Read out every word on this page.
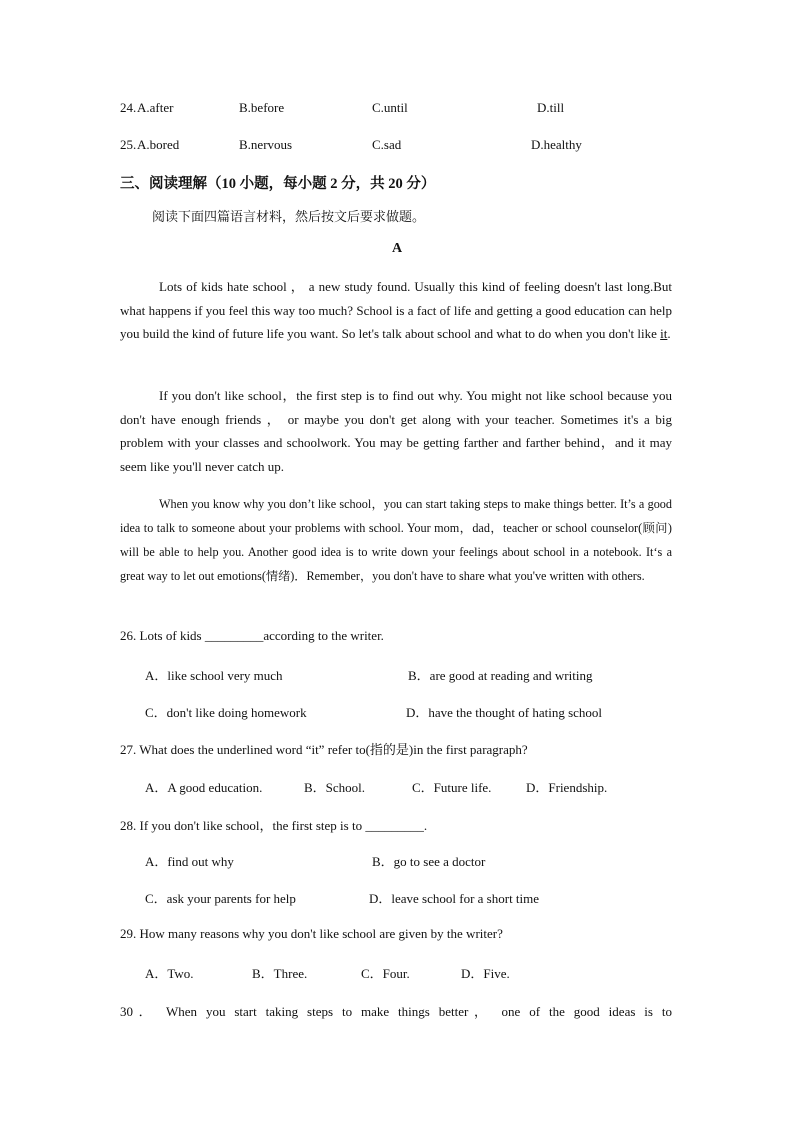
24. A.after	B.before	C.until	D.till
25. A.bored	B.nervous	C.sad	D.healthy
三、阅读理解（10 小题，每小题 2 分，共 20 分）
阅读下面四篇语言材料，然后按文后要求做题。
A

Lots of kids hate school ， a new study found. Usually this kind of feeling doesn't last long.But what happens if you feel this way too much? School is a fact of life and getting a good education can help you build the kind of future life you want. So let's talk about school and what to do when you don't like it.

If you don't like school，the first step is to find out why. You might not like school because you don't have enough friends ， or maybe you don't get along with your teacher. Sometimes it's a big problem with your classes and schoolwork. You may be getting farther and farther behind，and it may seem like you'll never catch up.

When you know why you don’t like school，you can start taking steps to make things better. It’s a good idea to talk to someone about your problems with school. Your mom，dad，teacher or school counselor(顾问) will be able to help you. Another good idea is to write down your feelings about school in a notebook. It‘s a great way to let out emotions(情绪)．Remember，you don't have to share what you've written with others.

26. Lots of kids _________according to the writer.
A．like school very much	B．are good at reading and writing
C．don't like doing homework	D．have the thought of hating school
27. What does the underlined word “it” refer to(指的是)in the first paragraph?
A．A good education.	B．School.	C．Future life.	D．Friendship.
28. If you don't like school，the first step is to _________.
A．find out why	B．go to see a doctor
C．ask your parents for help	D．leave school for a short time
29. How many reasons why you don't like school are given by the writer?
A．Two.	B．Three.	C．Four.	D．Five.
30． When you start taking steps to make things better， one of the good ideas is to
